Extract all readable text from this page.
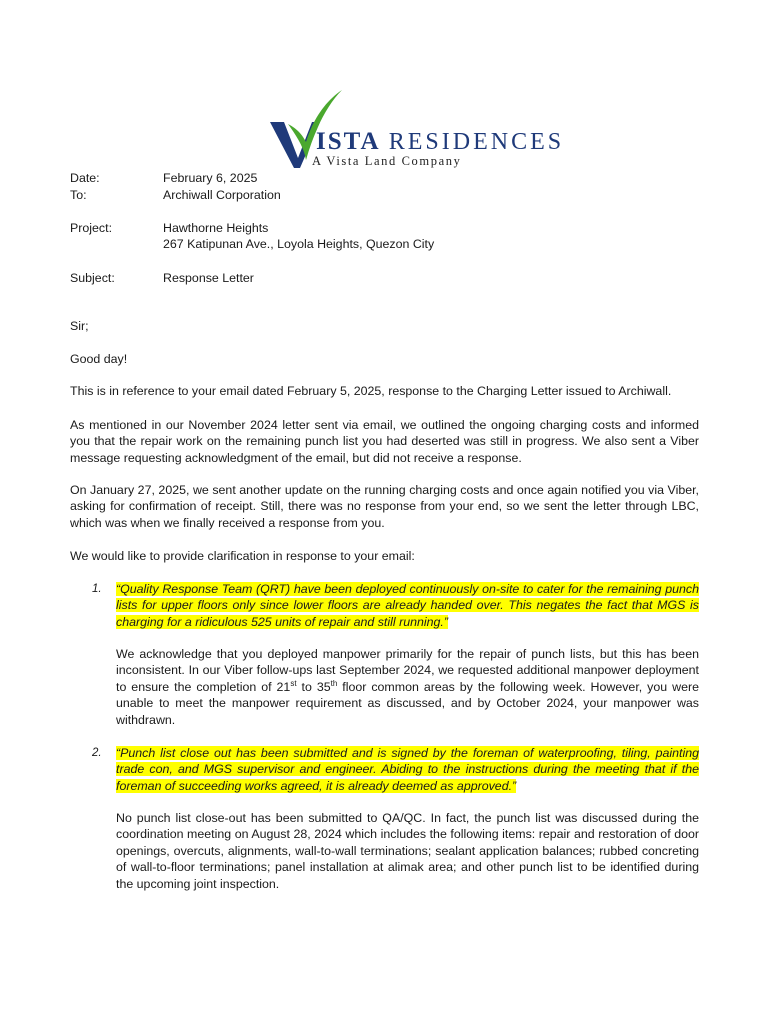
ISTA RESIDENCES
A Vista Land Company
Date:	February 6, 2025
To:	Archiwall Corporation
Project:	Hawthorne Heights
267 Katipunan Ave., Loyola Heights, Quezon City
Subject:	Response Letter
Sir;
Good day!
This is in reference to your email dated February 5, 2025, response to the Charging Letter issued to Archiwall.

As mentioned in our November 2024 letter sent via email, we outlined the ongoing charging costs and informed you that the repair work on the remaining punch list you had deserted was still in progress. We also sent a Viber message requesting acknowledgment of the email, but did not receive a response.

On January 27, 2025, we sent another update on the running charging costs and once again notified you via Viber, asking for confirmation of receipt. Still, there was no response from your end, so we sent the letter through LBC, which was when we finally received a response from you.

We would like to provide clarification in response to your email:
1. “Quality Response Team (QRT) have been deployed continuously on-site to cater for the remaining punch lists for upper floors only since lower floors are already handed over. This negates the fact that MGS is charging for a ridiculous 525 units of repair and still running.”

We acknowledge that you deployed manpower primarily for the repair of punch lists, but this has been inconsistent. In our Viber follow-ups last September 2024, we requested additional manpower deployment to ensure the completion of 21st to 35th floor common areas by the following week. However, you were unable to meet the manpower requirement as discussed, and by October 2024, your manpower was withdrawn.

2. “Punch list close out has been submitted and is signed by the foreman of waterproofing, tiling, painting trade con, and MGS supervisor and engineer. Abiding to the instructions during the meeting that if the foreman of succeeding works agreed, it is already deemed as approved.”

No punch list close-out has been submitted to QA/QC. In fact, the punch list was discussed during the coordination meeting on August 28, 2024 which includes the following items: repair and restoration of door openings, overcuts, alignments, wall-to-wall terminations; sealant application balances; rubbed concreting of wall-to-floor terminations; panel installation at alimak area; and other punch list to be identified during the upcoming joint inspection.
